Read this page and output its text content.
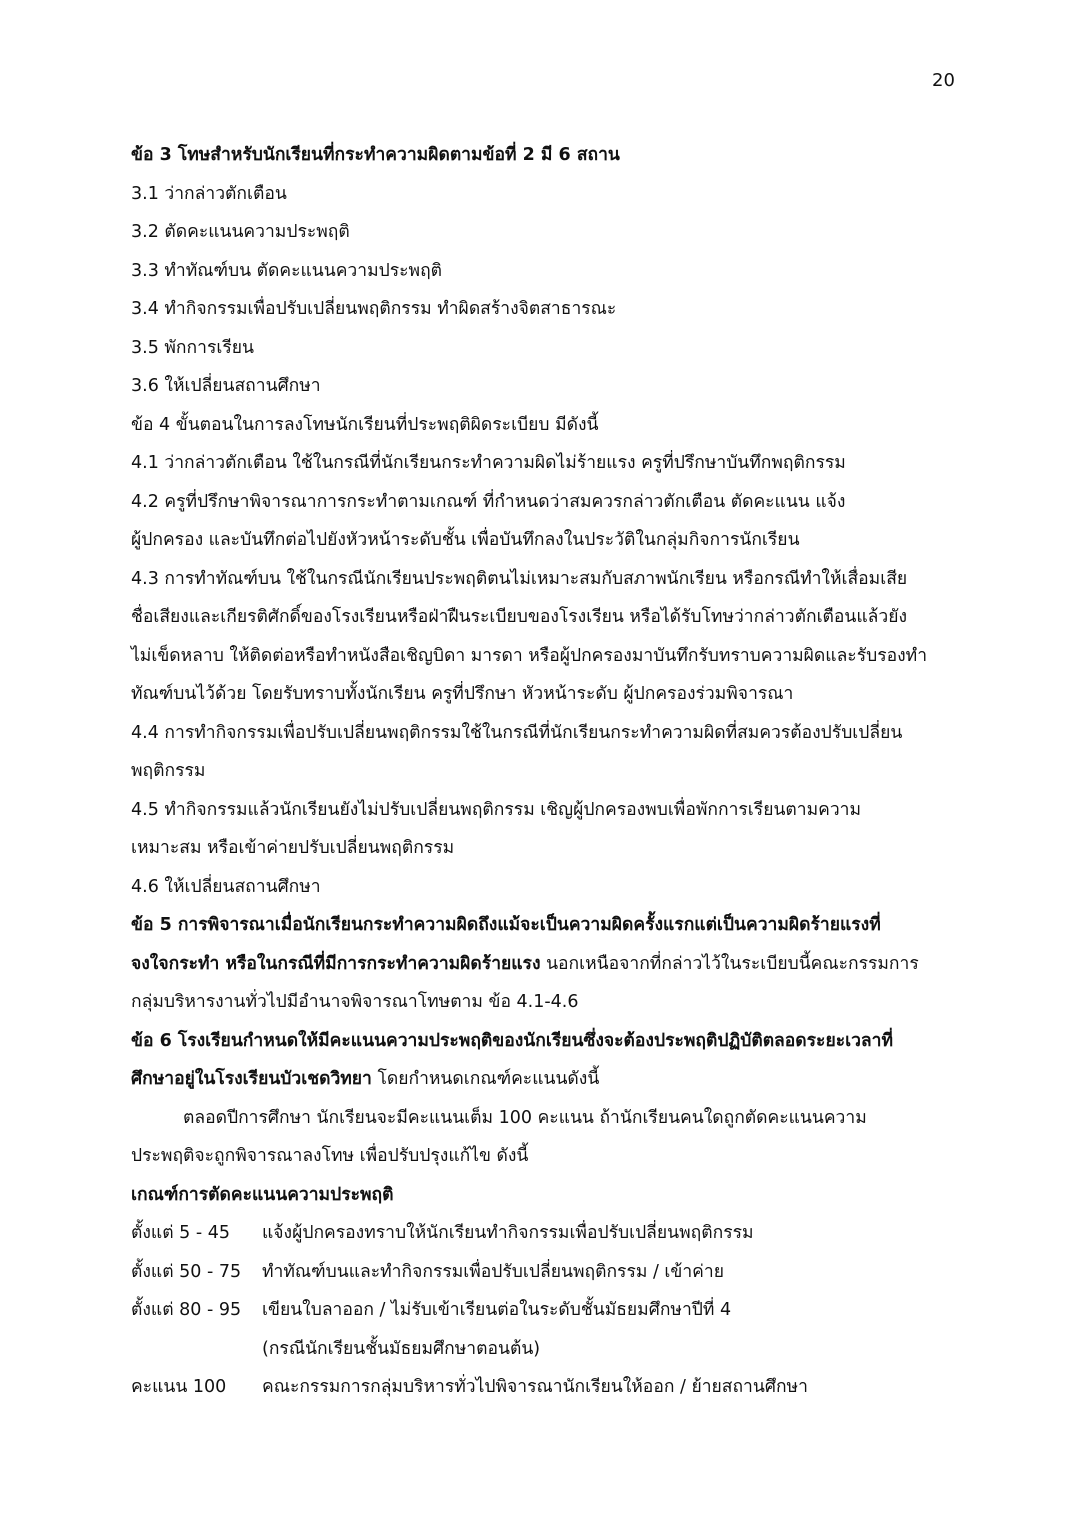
20

ข้อ 3 โทษสำหรับนักเรียนที่กระทำความผิดตามข้อที่ 2 มี 6 สถาน

3.1 ว่ากล่าวตักเตือน

3.2 ตัดคะแนนความประพฤติ

3.3 ทำทัณฑ์บน ตัดคะแนนความประพฤติ

3.4 ทำกิจกรรมเพื่อปรับเปลี่ยนพฤติกรรม ทำผิดสร้างจิตสาธารณะ

3.5 พักการเรียน

3.6 ให้เปลี่ยนสถานศึกษา

ข้อ 4 ขั้นตอนในการลงโทษนักเรียนที่ประพฤติผิดระเบียบ มีดังนี้

4.1 ว่ากล่าวตักเตือน ใช้ในกรณีที่นักเรียนกระทำความผิดไม่ร้ายแรง ครูที่ปรึกษาบันทึกพฤติกรรม

4.2 ครูที่ปรึกษาพิจารณาการกระทำตามเกณฑ์ ที่กำหนดว่าสมควรกล่าวตักเตือน ตัดคะแนน แจ้ง

ผู้ปกครอง และบันทึกต่อไปยังหัวหน้าระดับชั้น เพื่อบันทึกลงในประวัติในกลุ่มกิจการนักเรียน

4.3 การทำทัณฑ์บน ใช้ในกรณีนักเรียนประพฤติตนไม่เหมาะสมกับสภาพนักเรียน หรือกรณีทำให้เสื่อมเสีย

ชื่อเสียงและเกียรติศักดิ์ของโรงเรียนหรือฝ่าฝืนระเบียบของโรงเรียน หรือได้รับโทษว่ากล่าวตักเตือนแล้วยัง

ไม่เข็ดหลาบ ให้ติดต่อหรือทำหนังสือเชิญบิดา มารดา หรือผู้ปกครองมาบันทึกรับทราบความผิดและรับรองทำ

ทัณฑ์บนไว้ด้วย โดยรับทราบทั้งนักเรียน ครูที่ปรึกษา หัวหน้าระดับ ผู้ปกครองร่วมพิจารณา

4.4 การทำกิจกรรมเพื่อปรับเปลี่ยนพฤติกรรมใช้ในกรณีที่นักเรียนกระทำความผิดที่สมควรต้องปรับเปลี่ยน

พฤติกรรม

4.5 ทำกิจกรรมแล้วนักเรียนยังไม่ปรับเปลี่ยนพฤติกรรม เชิญผู้ปกครองพบเพื่อพักการเรียนตามความ

เหมาะสม หรือเข้าค่ายปรับเปลี่ยนพฤติกรรม

4.6 ให้เปลี่ยนสถานศึกษา

ข้อ 5 การพิจารณาเมื่อนักเรียนกระทำความผิดถึงแม้จะเป็นความผิดครั้งแรกแต่เป็นความผิดร้ายแรงที่

จงใจกระทำ หรือในกรณีที่มีการกระทำความผิดร้ายแรง นอกเหนือจากที่กล่าวไว้ในระเบียบนี้คณะกรรมการ

กลุ่มบริหารงานทั่วไปมีอำนาจพิจารณาโทษตาม ข้อ 4.1-4.6

ข้อ 6 โรงเรียนกำหนดให้มีคะแนนความประพฤติของนักเรียนซึ่งจะต้องประพฤติปฏิบัติตลอดระยะเวลาที่

ศึกษาอยู่ในโรงเรียนบัวเชดวิทยา โดยกำหนดเกณฑ์คะแนนดังนี้

ตลอดปีการศึกษา นักเรียนจะมีคะแนนเต็ม 100 คะแนน ถ้านักเรียนคนใดถูกตัดคะแนนความ

ประพฤติจะถูกพิจารณาลงโทษ เพื่อปรับปรุงแก้ไข ดังนี้

เกณฑ์การตัดคะแนนความประพฤติ

ตั้งแต่ 5 - 45	แจ้งผู้ปกครองทราบให้นักเรียนทำกิจกรรมเพื่อปรับเปลี่ยนพฤติกรรม
ตั้งแต่ 50 - 75	ทำทัณฑ์บนและทำกิจกรรมเพื่อปรับเปลี่ยนพฤติกรรม / เข้าค่าย
ตั้งแต่ 80 - 95	เขียนใบลาออก / ไม่รับเข้าเรียนต่อในระดับชั้นมัธยมศึกษาปีที่ 4
(กรณีนักเรียนชั้นมัธยมศึกษาตอนต้น)
คะแนน 100	คณะกรรมการกลุ่มบริหารทั่วไปพิจารณานักเรียนให้ออก / ย้ายสถานศึกษา
